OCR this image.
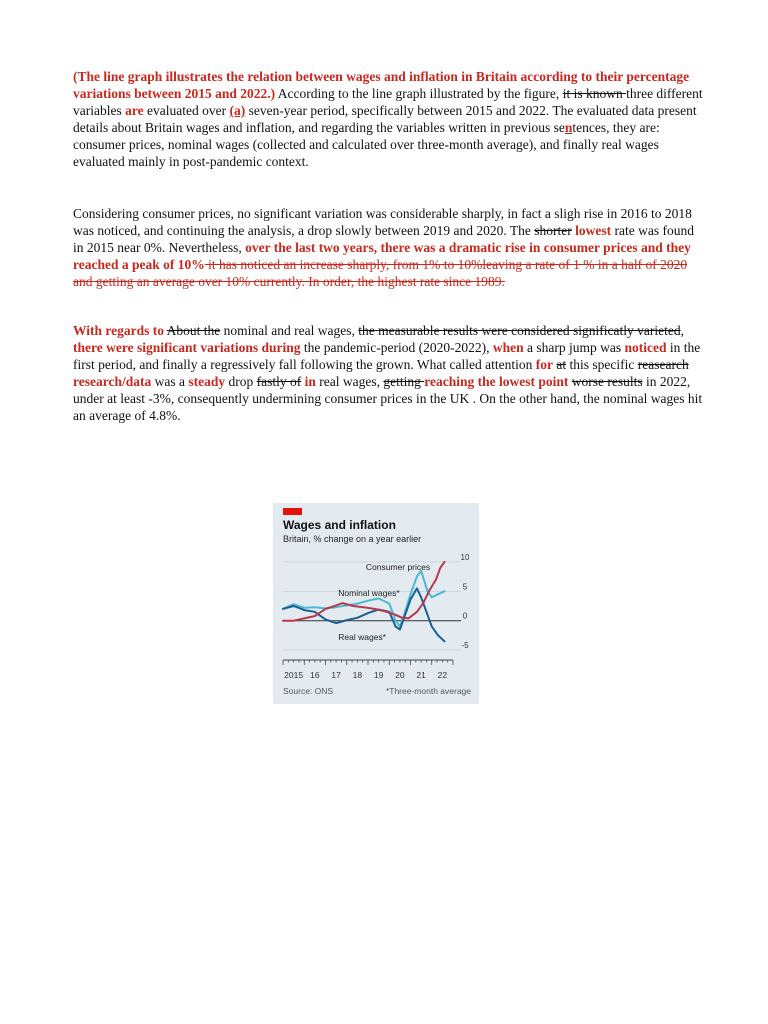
(The line graph illustrates the relation between wages and inflation in Britain according to their percentage variations between 2015 and 2022.) According to the line graph illustrated by the figure, it is known three different variables are evaluated over (a) seven-year period, specifically between 2015 and 2022. The evaluated data present details about Britain wages and inflation, and regarding the variables written in previous sentences, they are: consumer prices, nominal wages (collected and calculated over three-month average), and finally real wages evaluated mainly in post-pandemic context.

Considering consumer prices, no significant variation was considerable sharply, in fact a sligh rise in 2016 to 2018 was noticed, and continuing the analysis, a drop slowly between 2019 and 2020. The shorter lowest rate was found in 2015 near 0%. Nevertheless, over the last two years, there was a dramatic rise in consumer prices and they reached a peak of 10% it has noticed an increase sharply, from 1% to 10%leaving a rate of 1 % in a half of 2020 and getting an average over 10% currently. In order, the highest rate since 1989.

With regards to About the nominal and real wages, the measurable results were considered significatly varieted, there were significant variations during the pandemic-period (2020-2022), when a sharp jump was noticed in the first period, and finally a regressively fall following the grown. What called attention for at this specific reasearch research/data was a steady drop fastly of in real wages, getting reaching the lowest point worse results in 2022, under at least -3%, consequently undermining consumer prices in the UK . On the other hand, the nominal wages hit an average of 4.8%.

Wages and inflation
Britain, % change on a year earlier
10
5
0
-5
2015 16 17 18 19 20 21 22
Consumer prices
Nominal wages*
Real wages*
Source: ONS	*Three-month average
